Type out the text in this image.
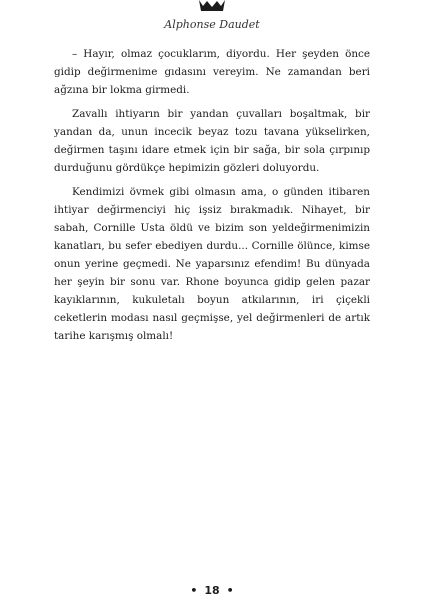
Alphonse Daudet

– Hayır, olmaz çocuklarım, diyordu. Her şeyden önce gidip değirmenime gıdasını vereyim. Ne zamandan beri ağzına bir lokma girmedi.

Zavallı ihtiyarın bir yandan çuvalları boşaltmak, bir yandan da, unun incecik beyaz tozu tavana yükselirken, değirmen taşını idare etmek için bir sağa, bir sola çırpınıp durduğunu gördükçe hepimizin gözleri doluyordu.

Kendimizi övmek gibi olmasın ama, o günden itibaren ihtiyar değirmenciyi hiç işsiz bırakmadık. Nihayet, bir sabah, Cornille Usta öldü ve bizim son yeldeğirmenimizin kanatları, bu sefer ebediyen durdu... Cornille ölünce, kimse onun yerine geçmedi. Ne yaparsınız efendim! Bu dünyada her şeyin bir sonu var. Rhone boyunca gidip gelen pazar kayıklarının, kukuletalı boyun atkılarının, iri çiçekli ceketlerin modası nasıl geçmişse, yel değirmenleri de artık tarihe karışmış olmalı!

• 18 •
